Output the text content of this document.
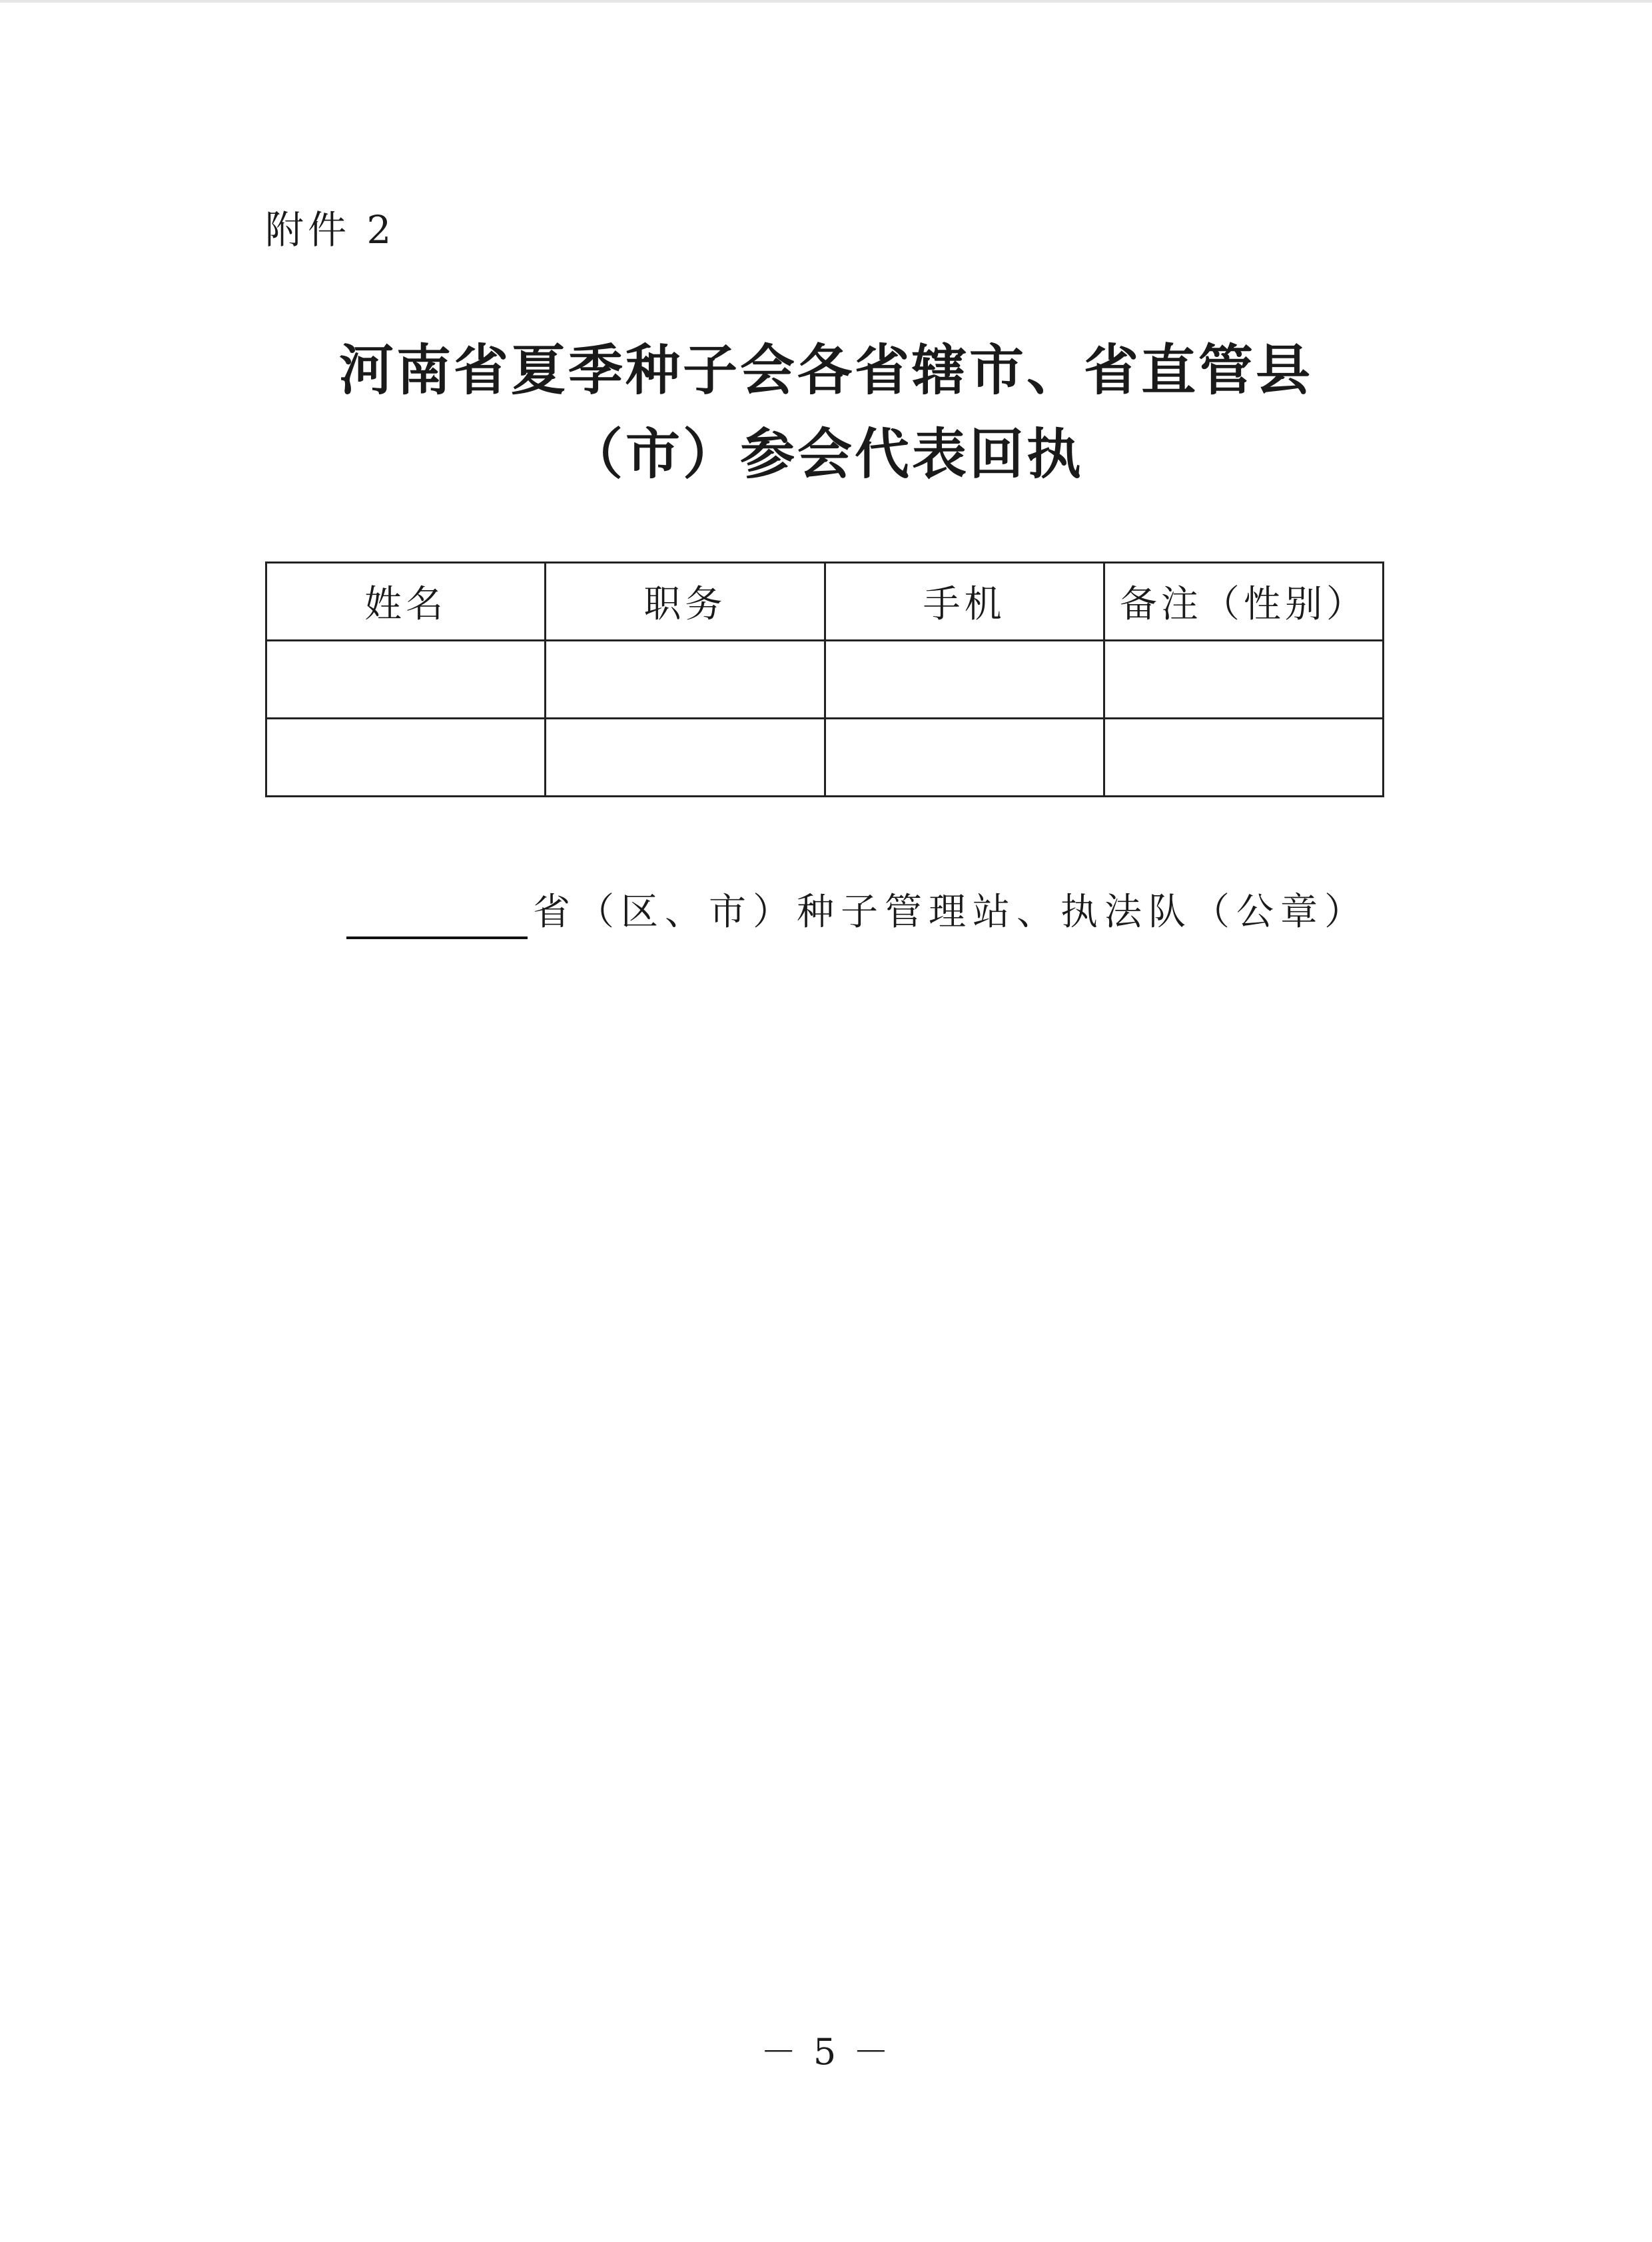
附件 2
河南省夏季种子会各省辖市、省直管县
（市）参会代表回执
姓名	职务	手机	备注（性别）

省（区、市）种子管理站、执法队（公章）
－ 5 －
